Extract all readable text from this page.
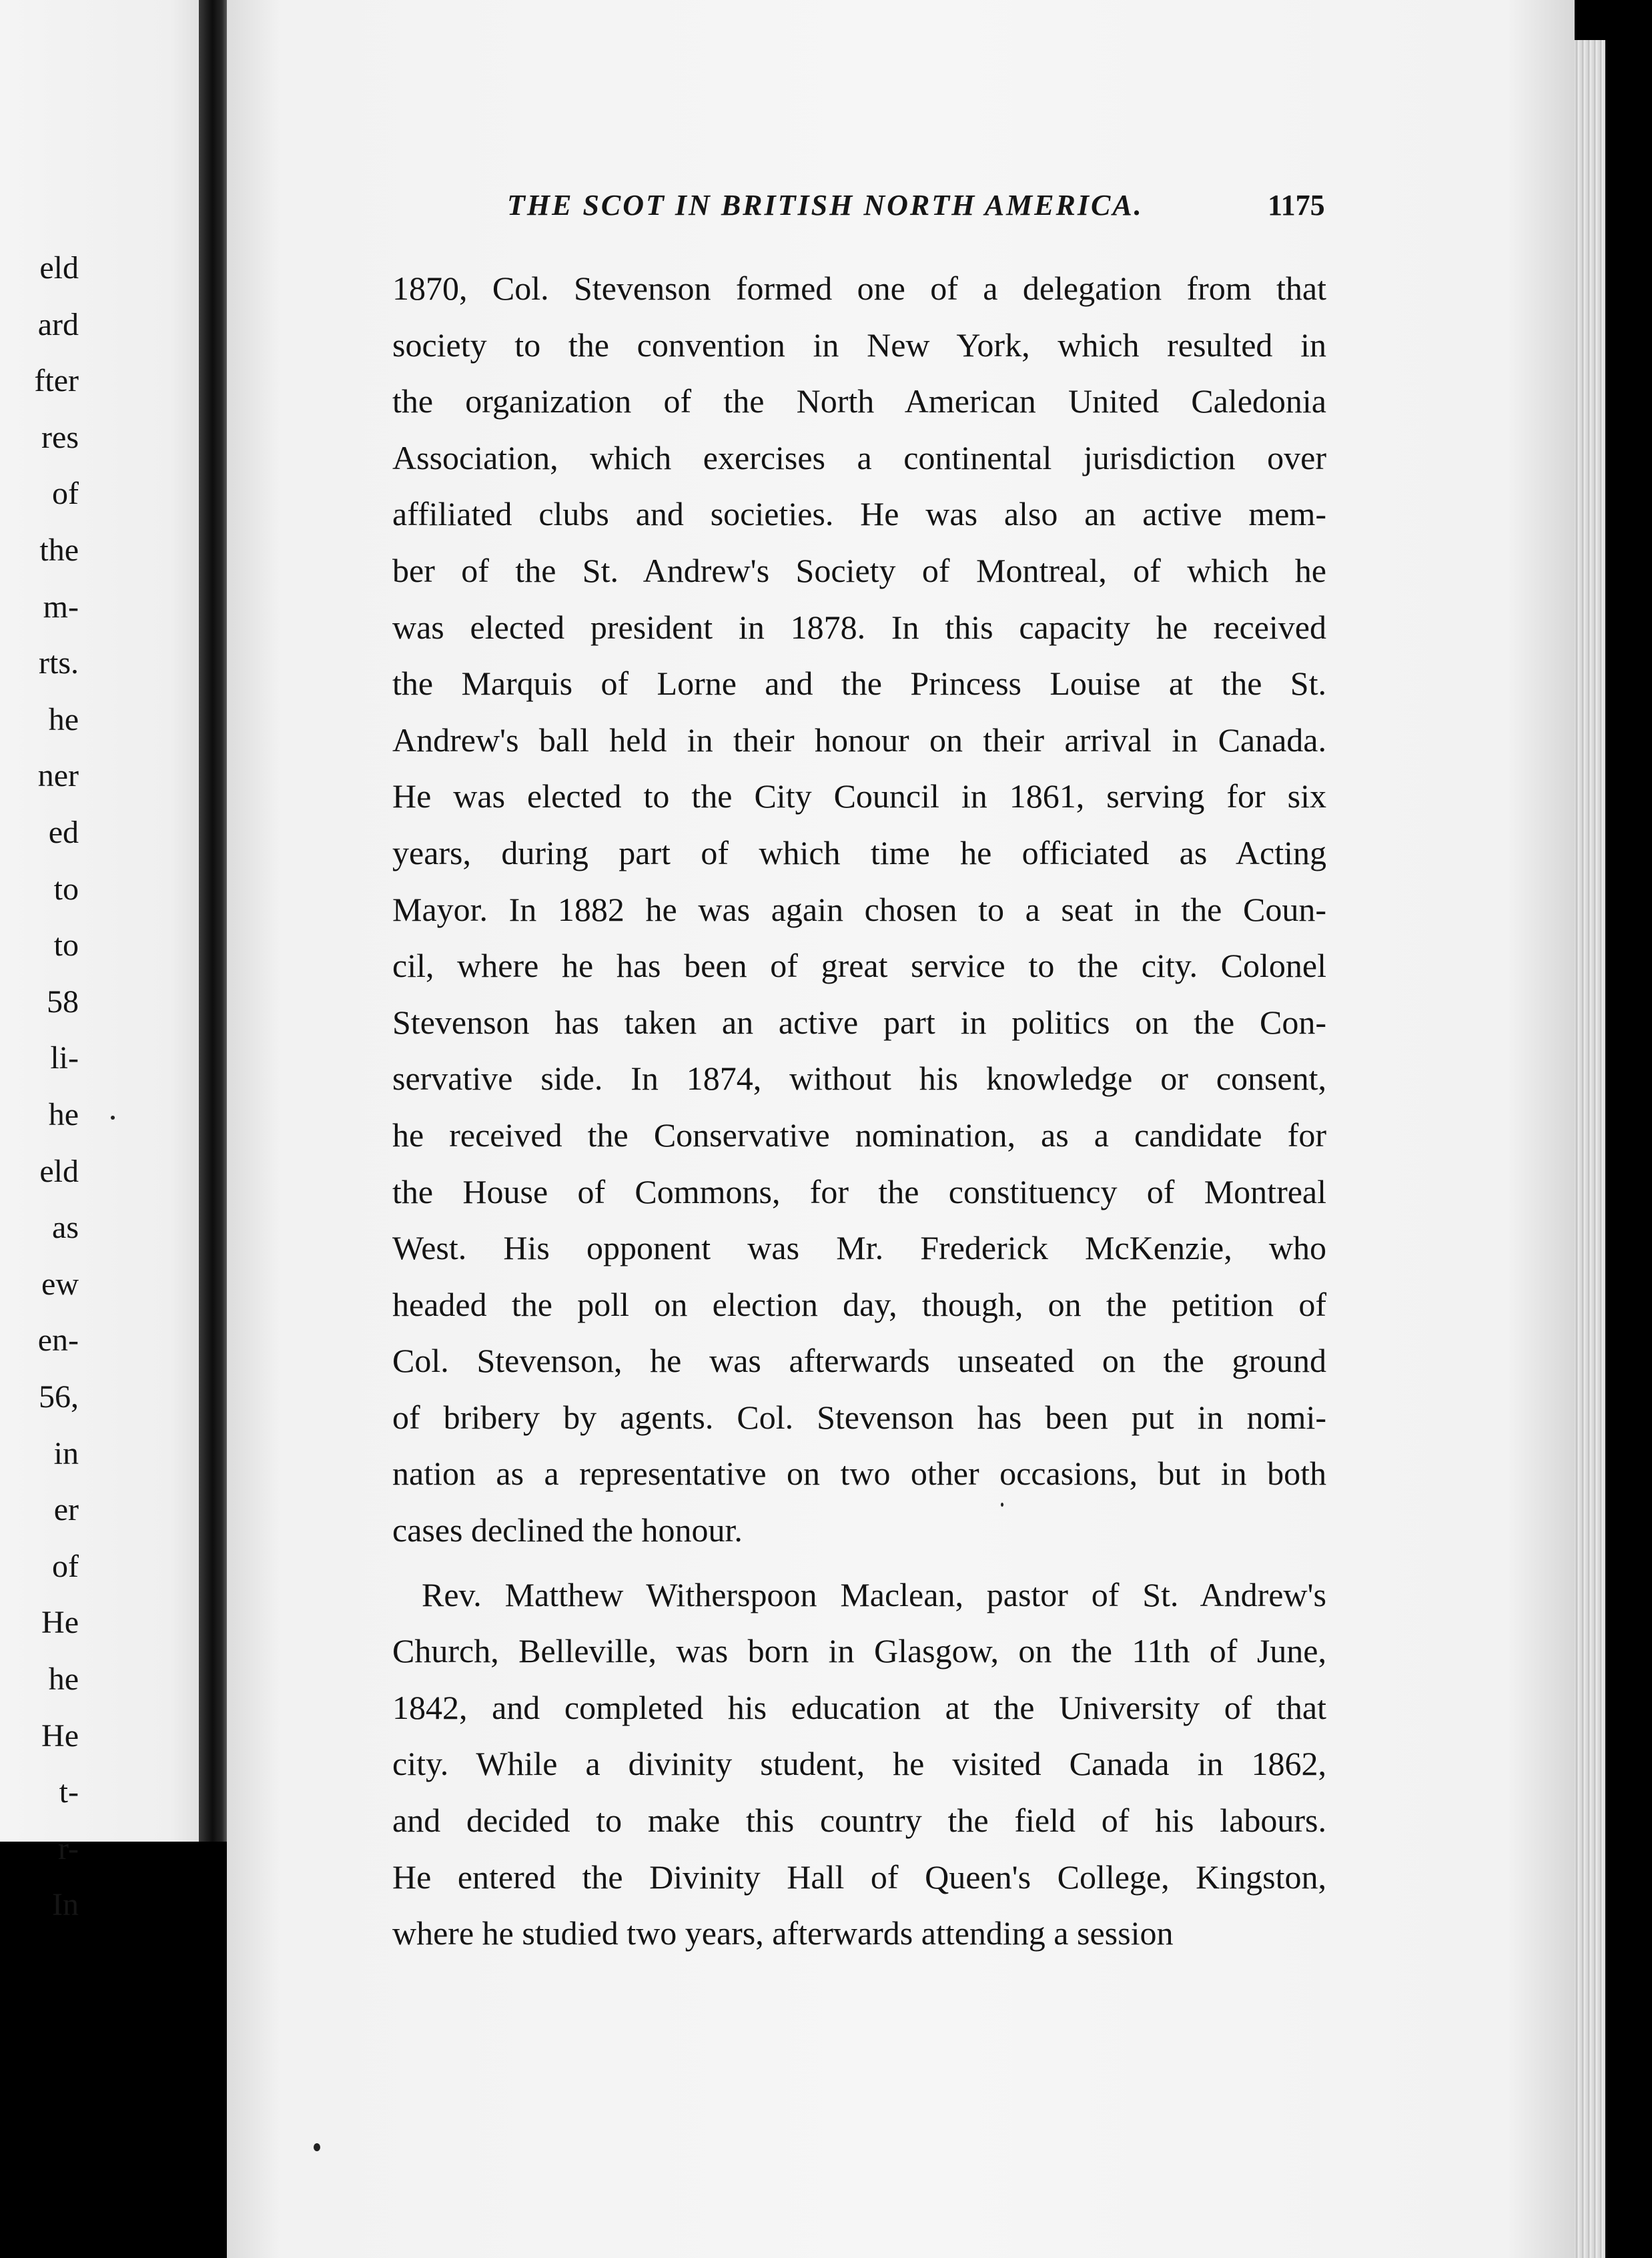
eld
ard
fter
res
of
the
m-
rts.
he
ner
ed
to
to
58
li-
he
eld
as
ew
en-
56,
in
er
of
He
he
He
t-
r-
In
THE SCOT IN BRITISH NORTH AMERICA.	1175

1870, Col. Stevenson formed one of a delegation from that
society to the convention in New York, which resulted in
the organization of the North American United Caledonia
Association, which exercises a continental jurisdiction over
affiliated clubs and societies. He was also an active mem-
ber of the St. Andrew's Society of Montreal, of which he
was elected president in 1878. In this capacity he received
the Marquis of Lorne and the Princess Louise at the St.
Andrew's ball held in their honour on their arrival in Canada.
He was elected to the City Council in 1861, serving for six
years, during part of which time he officiated as Acting
Mayor. In 1882 he was again chosen to a seat in the Coun-
cil, where he has been of great service to the city. Colonel
Stevenson has taken an active part in politics on the Con-
servative side. In 1874, without his knowledge or consent,
he received the Conservative nomination, as a candidate for
the House of Commons, for the constituency of Montreal
West. His opponent was Mr. Frederick McKenzie, who
headed the poll on election day, though, on the petition of
Col. Stevenson, he was afterwards unseated on the ground
of bribery by agents. Col. Stevenson has been put in nomi-
nation as a representative on two other occasions, but in both
cases declined the honour.

Rev. Matthew Witherspoon Maclean, pastor of St. Andrew's
Church, Belleville, was born in Glasgow, on the 11th of June,
1842, and completed his education at the University of that
city. While a divinity student, he visited Canada in 1862,
and decided to make this country the field of his labours.
He entered the Divinity Hall of Queen's College, Kingston,
where he studied two years, afterwards attending a session
